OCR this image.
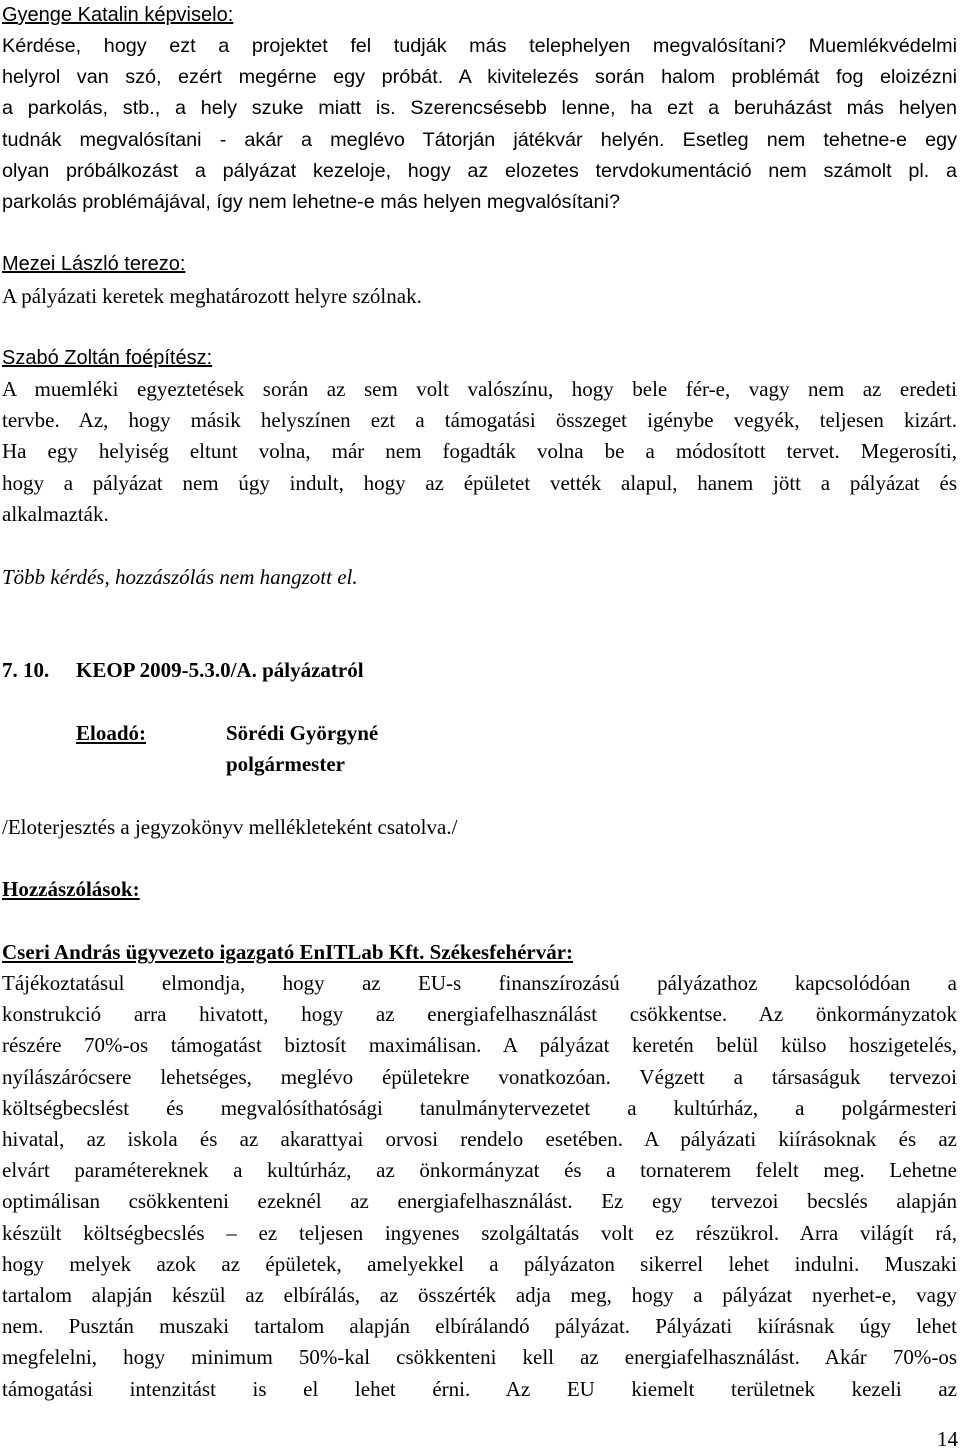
Gyenge Katalin képviselo:
Kérdése, hogy ezt a projektet fel tudják más telephelyen megvalósítani? Muemlékvédelmi
helyrol van szó, ezért megérne egy próbát. A kivitelezés során halom problémát fog eloizézni
a parkolás, stb., a hely szuke miatt is. Szerencsésebb lenne, ha ezt a beruházást más helyen
tudnák megvalósítani - akár a meglévo Tátorján játékvár helyén. Esetleg nem tehetne-e egy
olyan próbálkozást a pályázat kezeloje, hogy az elozetes tervdokumentáció nem számolt pl. a
parkolás problémájával, így nem lehetne-e más helyen megvalósítani?
Mezei László terezo:
A pályázati keretek meghatározott helyre szólnak.
Szabó Zoltán foépítész:
A muemléki egyeztetések során az sem volt valószínu, hogy bele fér-e, vagy nem az eredeti
tervbe. Az, hogy másik helyszínen ezt a támogatási összeget igénybe vegyék, teljesen kizárt.
Ha egy helyiség eltunt volna, már nem fogadták volna be a módosított tervet. Megerosíti,
hogy a pályázat nem úgy indult, hogy az épületet vették alapul, hanem jött a pályázat és
alkalmazták.
Több kérdés, hozzászólás nem hangzott el.
7. 10. KEOP 2009-5.3.0/A. pályázatról
Eloadó:	Sörédi Györgyné
polgármester
/Eloterjesztés a jegyzokönyv mellékleteként csatolva./
Hozzászólások:
Cseri András ügyvezeto igazgató EnITLab Kft. Székesfehérvár:
Tájékoztatásul elmondja, hogy az EU-s finanszírozású pályázathoz kapcsolódóan a
konstrukció arra hivatott, hogy az energiafelhasználást csökkentse. Az önkormányzatok
részére 70%-os támogatást biztosít maximálisan. A pályázat keretén belül külso hoszigetelés,
nyílászárócsere lehetséges, meglévo épületekre vonatkozóan. Végzett a társaságuk tervezoi
költségbecslést és megvalósíthatósági tanulmánytervezetet a kultúrház, a polgármesteri
hivatal, az iskola és az akarattyai orvosi rendelo esetében. A pályázati kiírásoknak és az
elvárt paramétereknek a kultúrház, az önkormányzat és a tornaterem felelt meg. Lehetne
optimálisan csökkenteni ezeknél az energiafelhasználást. Ez egy tervezoi becslés alapján
készült költségbecslés – ez teljesen ingyenes szolgáltatás volt ez részükrol. Arra világít rá,
hogy melyek azok az épületek, amelyekkel a pályázaton sikerrel lehet indulni. Muszaki
tartalom alapján készül az elbírálás, az összérték adja meg, hogy a pályázat nyerhet-e, vagy
nem. Pusztán muszaki tartalom alapján elbírálandó pályázat. Pályázati kiírásnak úgy lehet
megfelelni, hogy minimum 50%-kal csökkenteni kell az energiafelhasználást. Akár 70%-os
támogatási intenzitást is el lehet érni. Az EU kiemelt területnek kezeli az
14
